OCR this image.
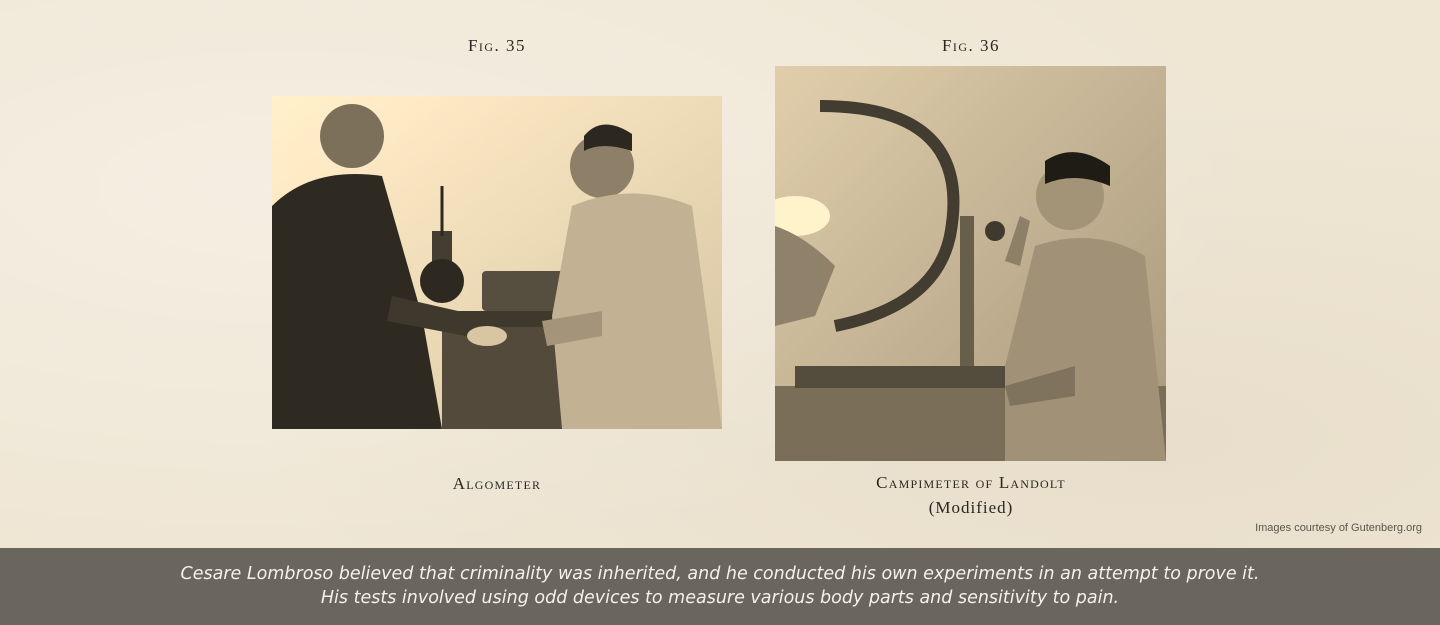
Fig. 35	Fig. 36
Algometer	Campimeter of Landolt
(Modified)
Images courtesy of Gutenberg.org
Cesare Lombroso believed that criminality was inherited, and he conducted his own experiments in an attempt to prove it.
His tests involved using odd devices to measure various body parts and sensitivity to pain.
